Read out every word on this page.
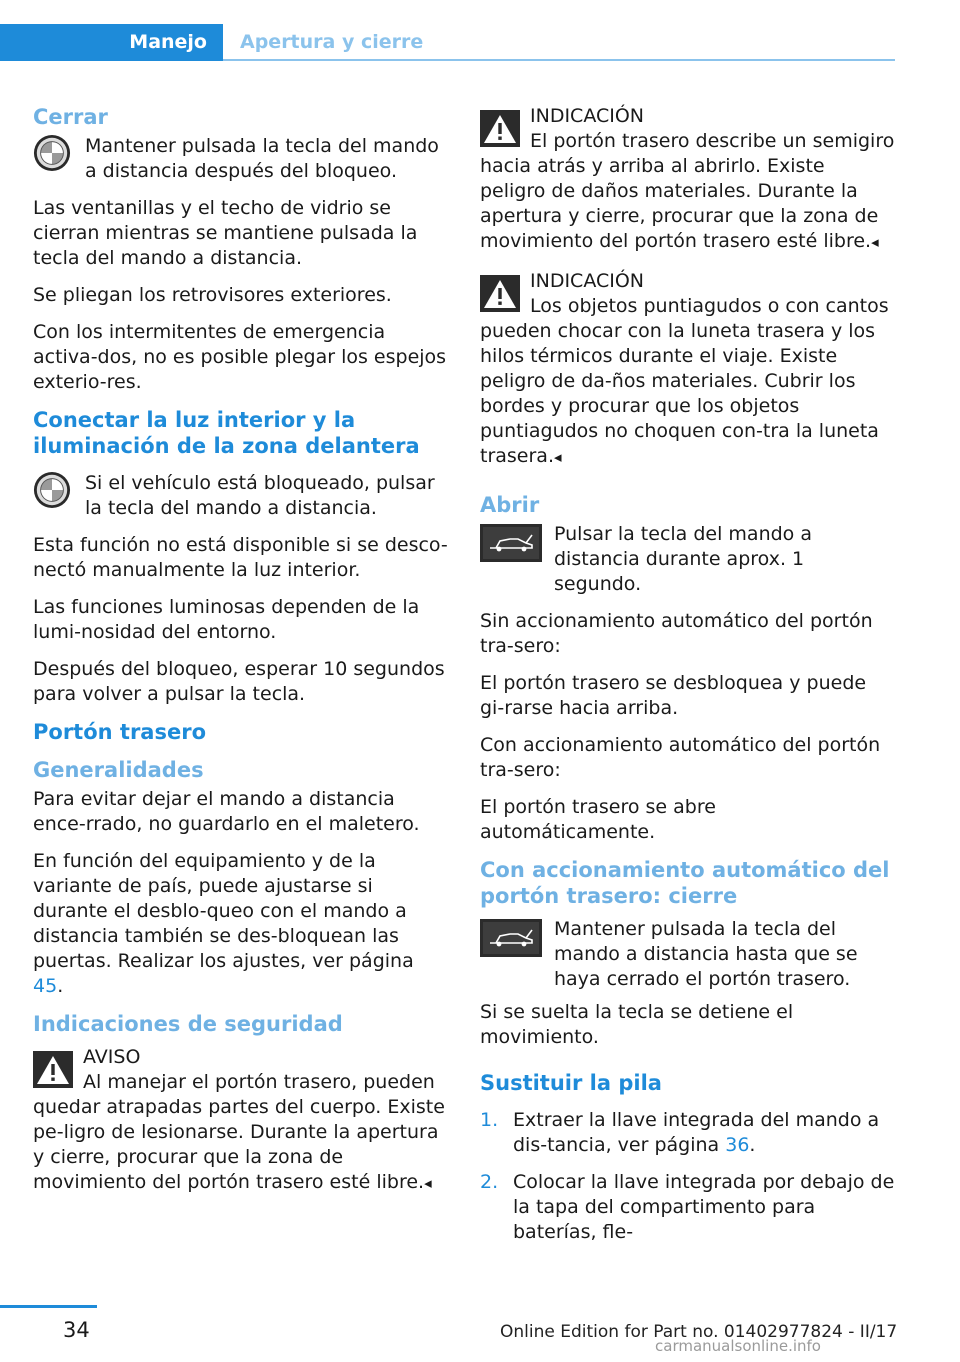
Manejo	Apertura y cierre
Cerrar
Mantener pulsada la tecla del mando a distancia después del bloqueo.

Las ventanillas y el techo de vidrio se cierran mientras se mantiene pulsada la tecla del mando a distancia.

Se pliegan los retrovisores exteriores.

Con los intermitentes de emergencia activa-dos, no es posible plegar los espejos exterio-res.

Conectar la luz interior y la iluminación de la zona delantera
Si el vehículo está bloqueado, pulsar la tecla del mando a distancia.

Esta función no está disponible si se desco-nectó manualmente la luz interior.

Las funciones luminosas dependen de la lumi-nosidad del entorno.

Después del bloqueo, esperar 10 segundos para volver a pulsar la tecla.

Portón trasero
Generalidades

Para evitar dejar el mando a distancia ence-rrado, no guardarlo en el maletero.

En función del equipamiento y de la variante de país, puede ajustarse si durante el desblo-queo con el mando a distancia también se des-bloquean las puertas. Realizar los ajustes, ver página 45.

Indicaciones de seguridad
AVISO
Al manejar el portón trasero, pueden quedar atrapadas partes del cuerpo. Existe pe-ligro de lesionarse. Durante la apertura y cierre, procurar que la zona de movimiento del portón trasero esté libre.◂
INDICACIÓN
El portón trasero describe un semigiro hacia atrás y arriba al abrirlo. Existe peligro de daños materiales. Durante la apertura y cierre, procurar que la zona de movimiento del portón trasero esté libre.◂
INDICACIÓN
Los objetos puntiagudos o con cantos pueden chocar con la luneta trasera y los hilos térmicos durante el viaje. Existe peligro de da-ños materiales. Cubrir los bordes y procurar que los objetos puntiagudos no choquen con-tra la luneta trasera.◂
Abrir
Pulsar la tecla del mando a distancia durante aprox. 1 segundo.

Sin accionamiento automático del portón tra-sero:

El portón trasero se desbloquea y puede gi-rarse hacia arriba.

Con accionamiento automático del portón tra-sero:

El portón trasero se abre automáticamente.

Con accionamiento automático del portón trasero: cierre
Mantener pulsada la tecla del mando a distancia hasta que se haya cerrado el portón trasero.

Si se suelta la tecla se detiene el movimiento.

Sustituir la pila
1. Extraer la llave integrada del mando a dis-tancia, ver página 36.
2. Colocar la llave integrada por debajo de la tapa del compartimento para baterías, fle-
34	Online Edition for Part no. 01402977824 - II/17
carmanualsonline.info
